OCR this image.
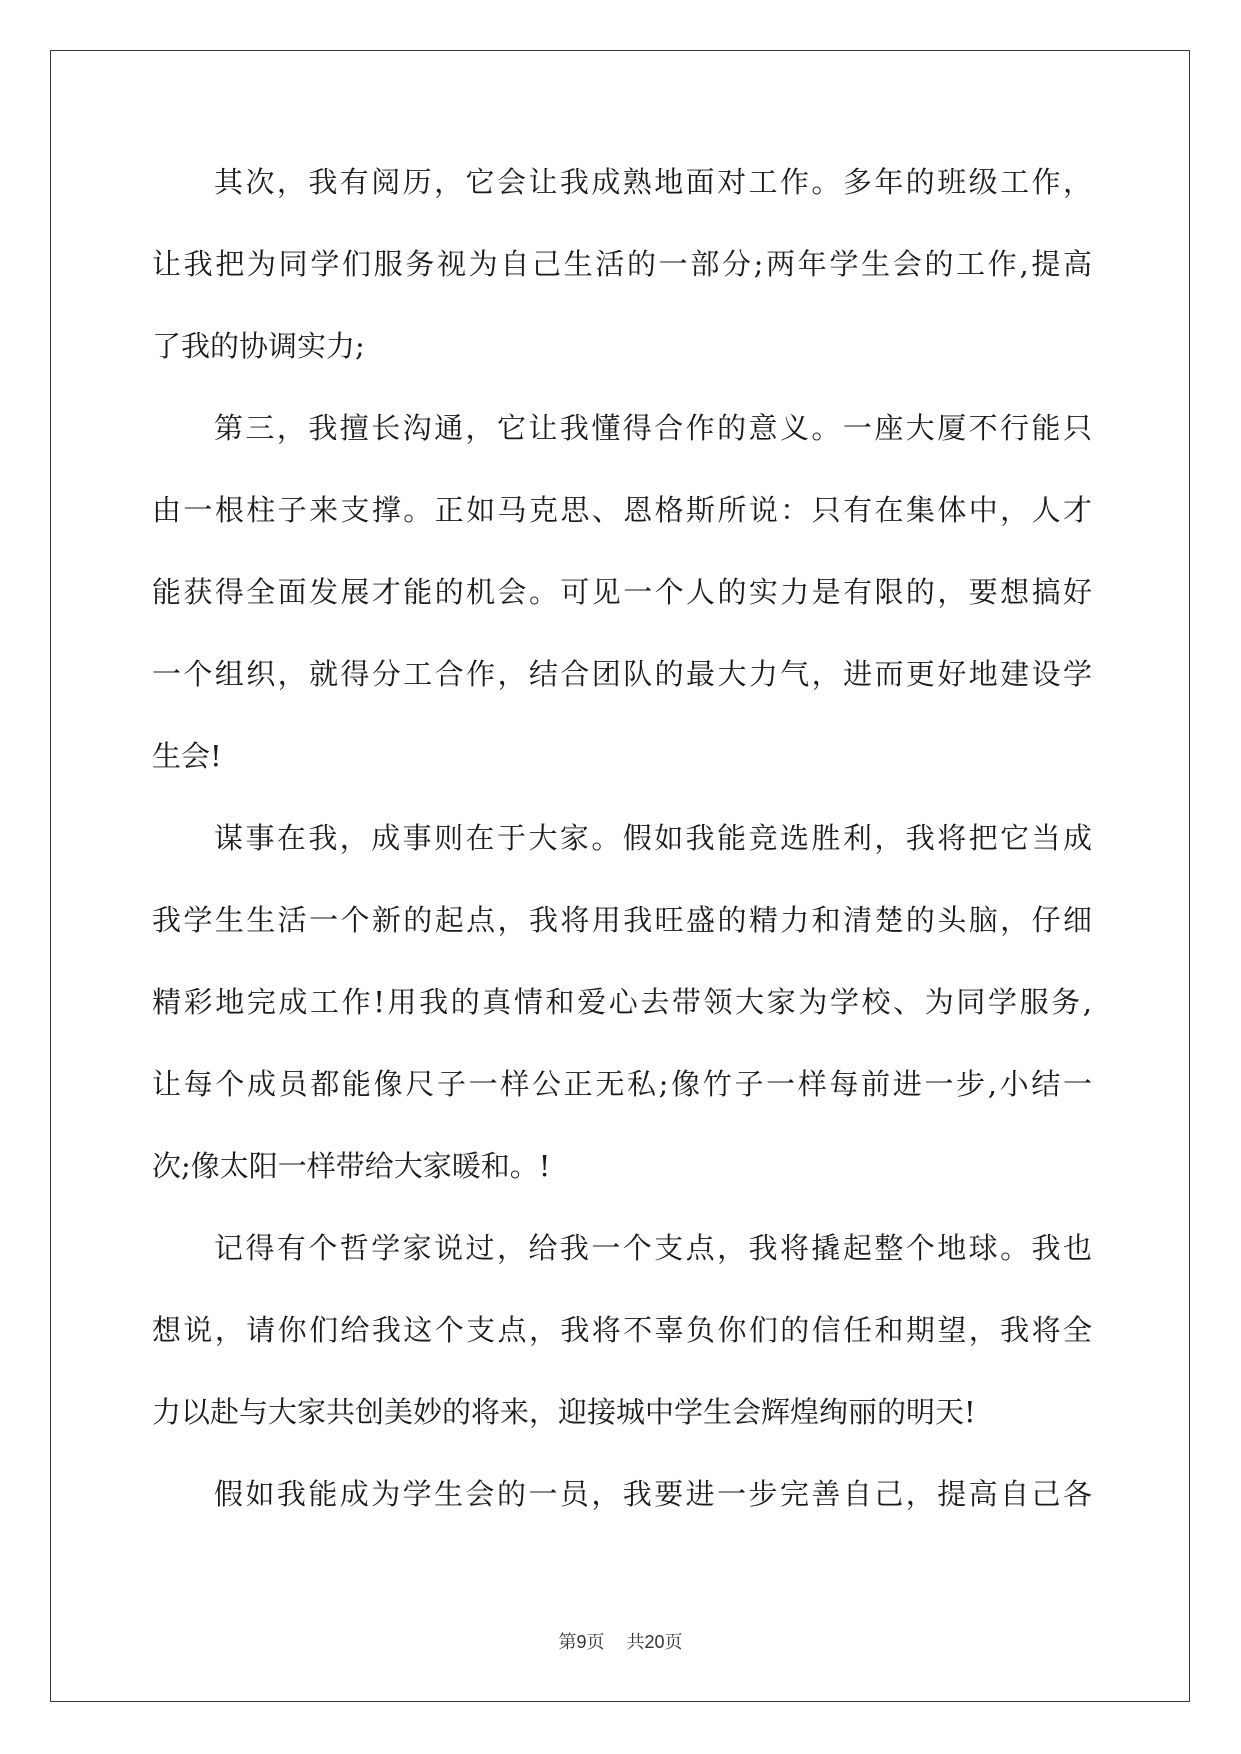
其次，我有阅历，它会让我成熟地面对工作。多年的班级工作，
让我把为同学们服务视为自己生活的一部分;两年学生会的工作,提高
了我的协调实力;
第三，我擅长沟通，它让我懂得合作的意义。一座大厦不行能只
由一根柱子来支撑。正如马克思、恩格斯所说：只有在集体中，人才
能获得全面发展才能的机会。可见一个人的实力是有限的，要想搞好
一个组织，就得分工合作，结合团队的最大力气，进而更好地建设学
生会!
谋事在我，成事则在于大家。假如我能竞选胜利，我将把它当成
我学生生活一个新的起点，我将用我旺盛的精力和清楚的头脑，仔细
精彩地完成工作!用我的真情和爱心去带领大家为学校、为同学服务,
让每个成员都能像尺子一样公正无私;像竹子一样每前进一步,小结一
次;像太阳一样带给大家暖和。!
记得有个哲学家说过，给我一个支点，我将撬起整个地球。我也
想说，请你们给我这个支点，我将不辜负你们的信任和期望，我将全
力以赴与大家共创美妙的将来，迎接城中学生会辉煌绚丽的明天!
假如我能成为学生会的一员，我要进一步完善自己，提高自己各
第9页 共20页
